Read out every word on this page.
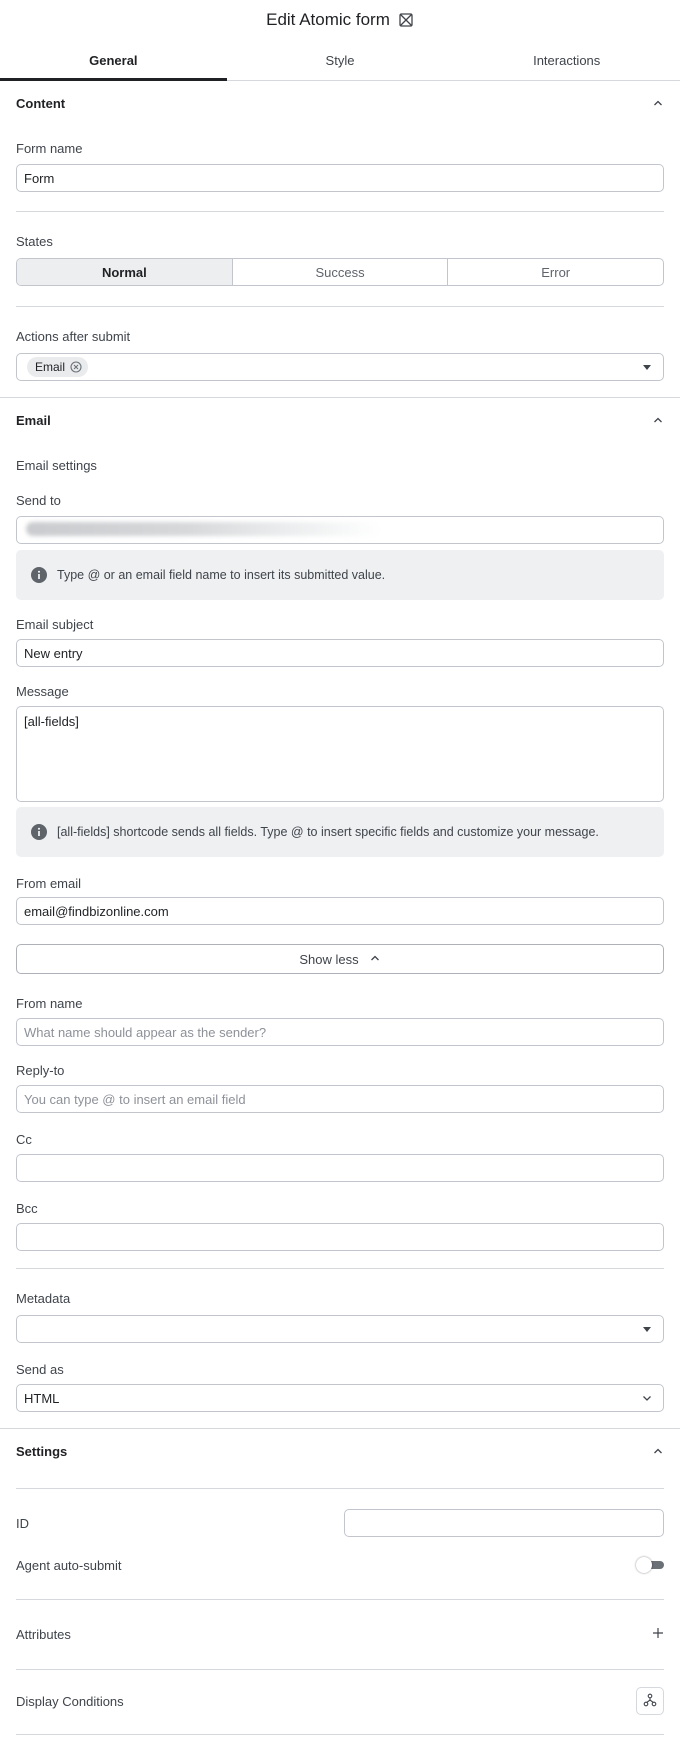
Edit Atomic form
General	Style	Interactions
Content
Form name
Form
States
Normal	Success	Error
Actions after submit
Email
Email
Email settings
Send to
Type @ or an email field name to insert its submitted value.
Email subject
New entry
Message
[all-fields]
[all-fields] shortcode sends all fields. Type @ to insert specific fields and customize your message.
From email
email@findbizonline.com
Show less
From name
What name should appear as the sender?
Reply-to
You can type @ to insert an email field
Cc
Bcc
Metadata
Send as
HTML
Settings
ID
Agent auto-submit
Attributes
Display Conditions
